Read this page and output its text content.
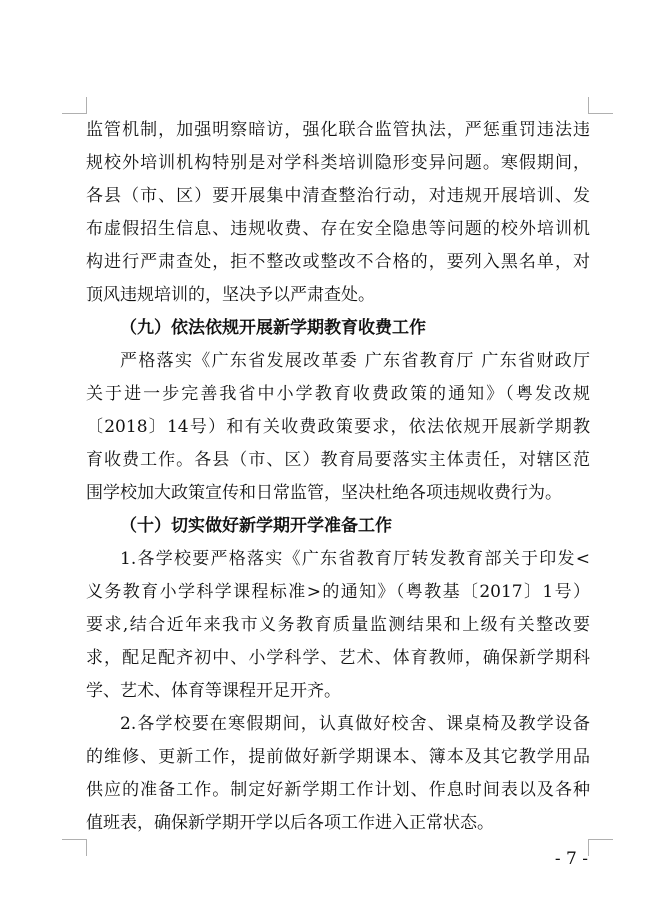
监管机制，加强明察暗访，强化联合监管执法，严惩重罚违法违
规校外培训机构特别是对学科类培训隐形变异问题。寒假期间，
各县（市、区）要开展集中清查整治行动，对违规开展培训、发
布虚假招生信息、违规收费、存在安全隐患等问题的校外培训机
构进行严肃查处，拒不整改或整改不合格的，要列入黑名单，对
顶风违规培训的，坚决予以严肃查处。
（九）依法依规开展新学期教育收费工作
严格落实《广东省发展改革委 广东省教育厅 广东省财政厅
关于进一步完善我省中小学教育收费政策的通知》（粤发改规
〔2018〕14号）和有关收费政策要求，依法依规开展新学期教
育收费工作。各县（市、区）教育局要落实主体责任，对辖区范
围学校加大政策宣传和日常监管，坚决杜绝各项违规收费行为。
（十）切实做好新学期开学准备工作
1.各学校要严格落实《广东省教育厅转发教育部关于印发<
义务教育小学科学课程标准>的通知》（粤教基〔2017〕1号）
要求,结合近年来我市义务教育质量监测结果和上级有关整改要
求，配足配齐初中、小学科学、艺术、体育教师，确保新学期科
学、艺术、体育等课程开足开齐。
2.各学校要在寒假期间，认真做好校舍、课桌椅及教学设备
的维修、更新工作，提前做好新学期课本、簿本及其它教学用品
供应的准备工作。制定好新学期工作计划、作息时间表以及各种
值班表，确保新学期开学以后各项工作进入正常状态。
- 7 -
